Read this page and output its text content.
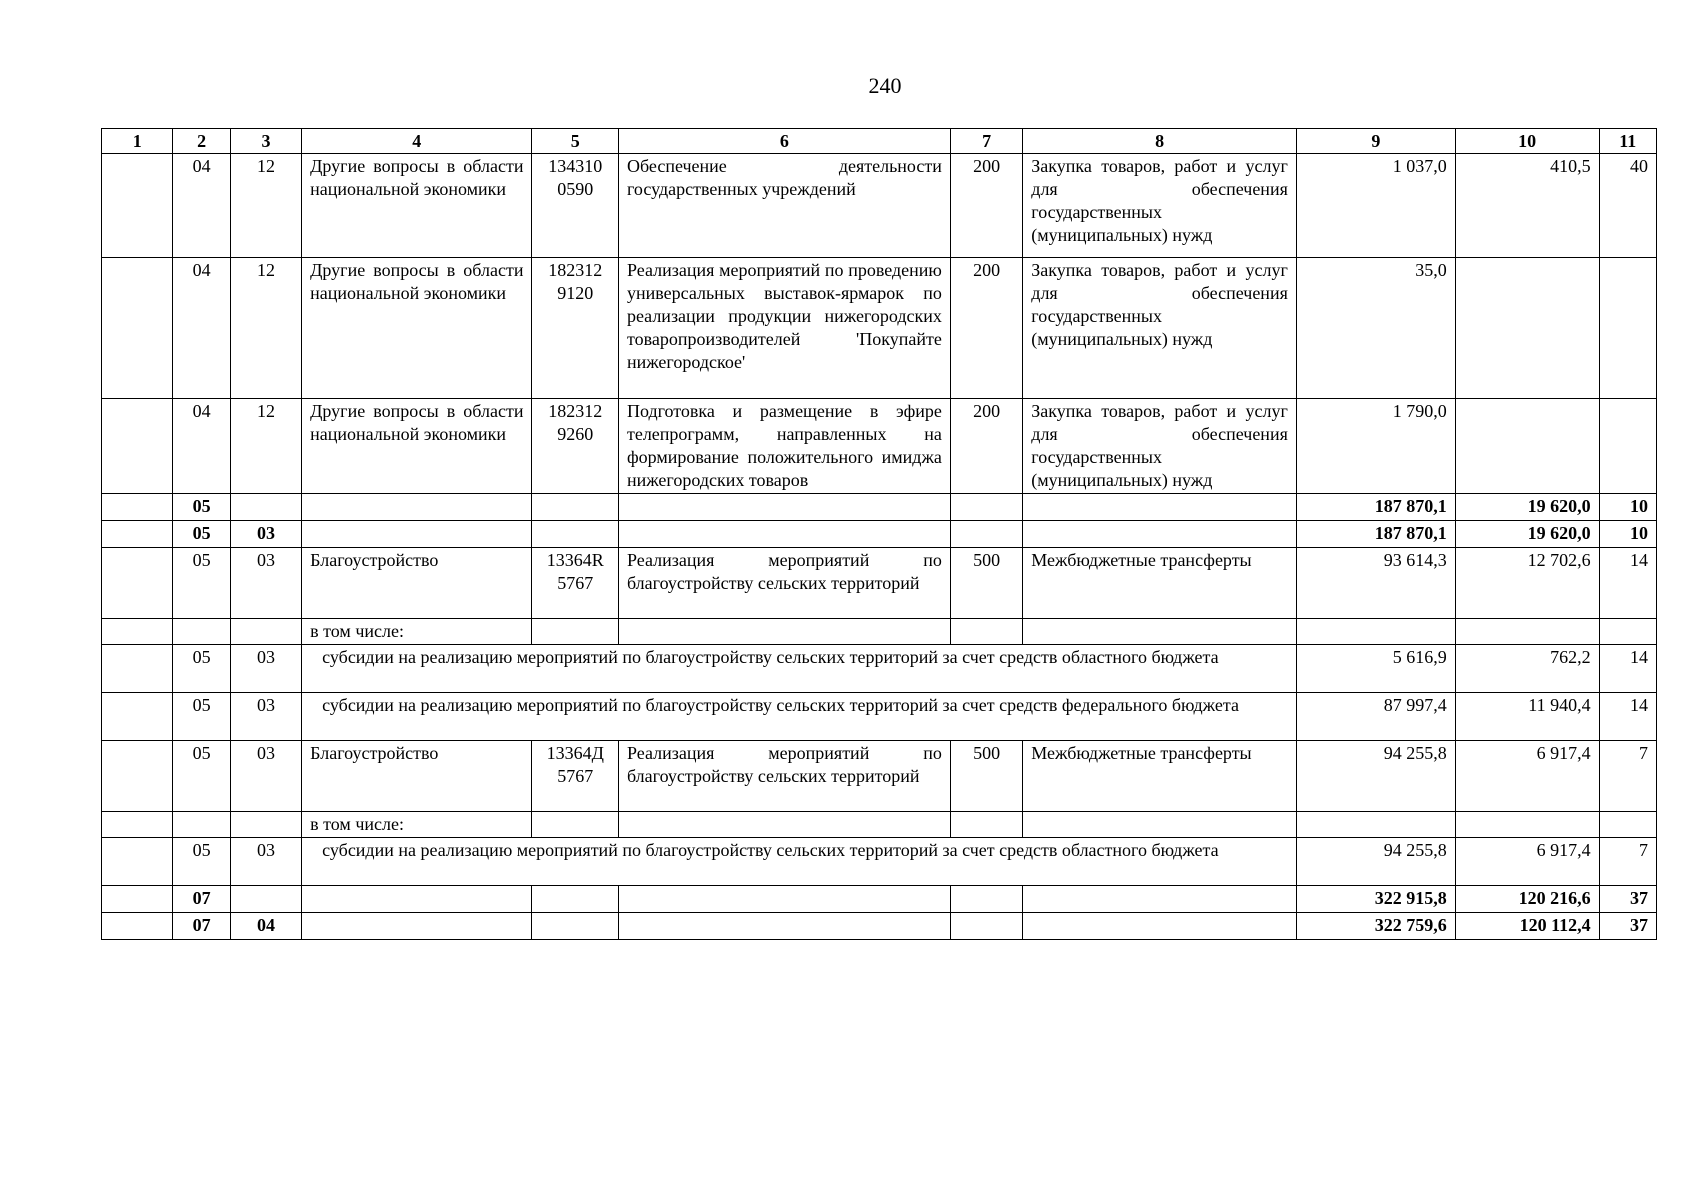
240
1	2	3	4	5	6	7	8	9	10	11
	04	12	Другие вопросы в области национальной экономики	134310 0590	Обеспечение деятельности государственных учреждений	200	Закупка товаров, работ и услуг для обеспечения государственных (муниципальных) нужд	1 037,0	410,5	40
	04	12	Другие вопросы в области национальной экономики	182312 9120	Реализация мероприятий по проведению универсальных выставок-ярмарок по реализации продукции нижегородских товаропроизводителей 'Покупайте нижегородское'	200	Закупка товаров, работ и услуг для обеспечения государственных (муниципальных) нужд	35,0		
	04	12	Другие вопросы в области национальной экономики	182312 9260	Подготовка и размещение в эфире телепрограмм, направленных на формирование положительного имиджа нижегородских товаров	200	Закупка товаров, работ и услуг для обеспечения государственных (муниципальных) нужд	1 790,0		
	05							187 870,1	19 620,0	10
	05	03						187 870,1	19 620,0	10
	05	03	Благоустройство	13364R 5767	Реализация мероприятий по благоустройству сельских территорий	500	Межбюджетные трансферты	93 614,3	12 702,6	14
			в том числе:							
	05	03	субсидии на реализацию мероприятий по благоустройству сельских территорий за счет средств областного бюджета					5 616,9	762,2	14
	05	03	субсидии на реализацию мероприятий по благоустройству сельских территорий за счет средств федерального бюджета					87 997,4	11 940,4	14
	05	03	Благоустройство	13364Д 5767	Реализация мероприятий по благоустройству сельских территорий	500	Межбюджетные трансферты	94 255,8	6 917,4	7
			в том числе:							
	05	03	субсидии на реализацию мероприятий по благоустройству сельских территорий за счет средств областного бюджета					94 255,8	6 917,4	7
	07							322 915,8	120 216,6	37
	07	04						322 759,6	120 112,4	37
